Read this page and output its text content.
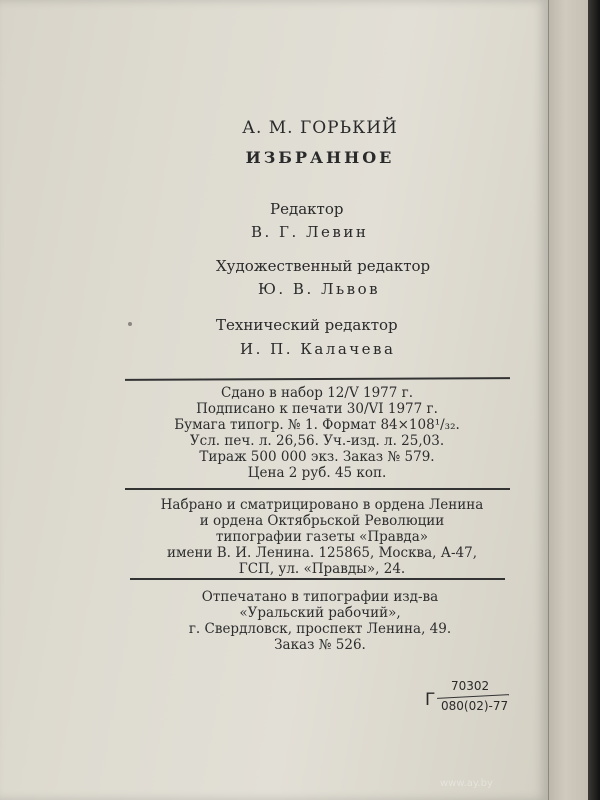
А. М. ГОРЬКИЙ
ИЗБРАННОЕ
Редактор
В. Г. Левин
Художественный редактор
Ю. В. Львов
Технический редактор
И. П. Калачева
Сдано в набор 12/V 1977 г.
Подписано к печати 30/VI 1977 г.
Бумага типогр. № 1. Формат 84×108¹/₃₂.
Усл. печ. л. 26,56. Уч.-изд. л. 25,03.
Тираж 500 000 экз. Заказ № 579.
Цена 2 руб. 45 коп.
Набрано и сматрицировано в ордена Ленина
и ордена Октябрьской Революции
типографии газеты «Правда»
имени В. И. Ленина. 125865, Москва, А-47,
ГСП, ул. «Правды», 24.
Отпечатано в типографии изд-ва
«Уральский рабочий»,
г. Свердловск, проспект Ленина, 49.
Заказ № 526.
Г
70302
080(02)-77
www.ay.by
